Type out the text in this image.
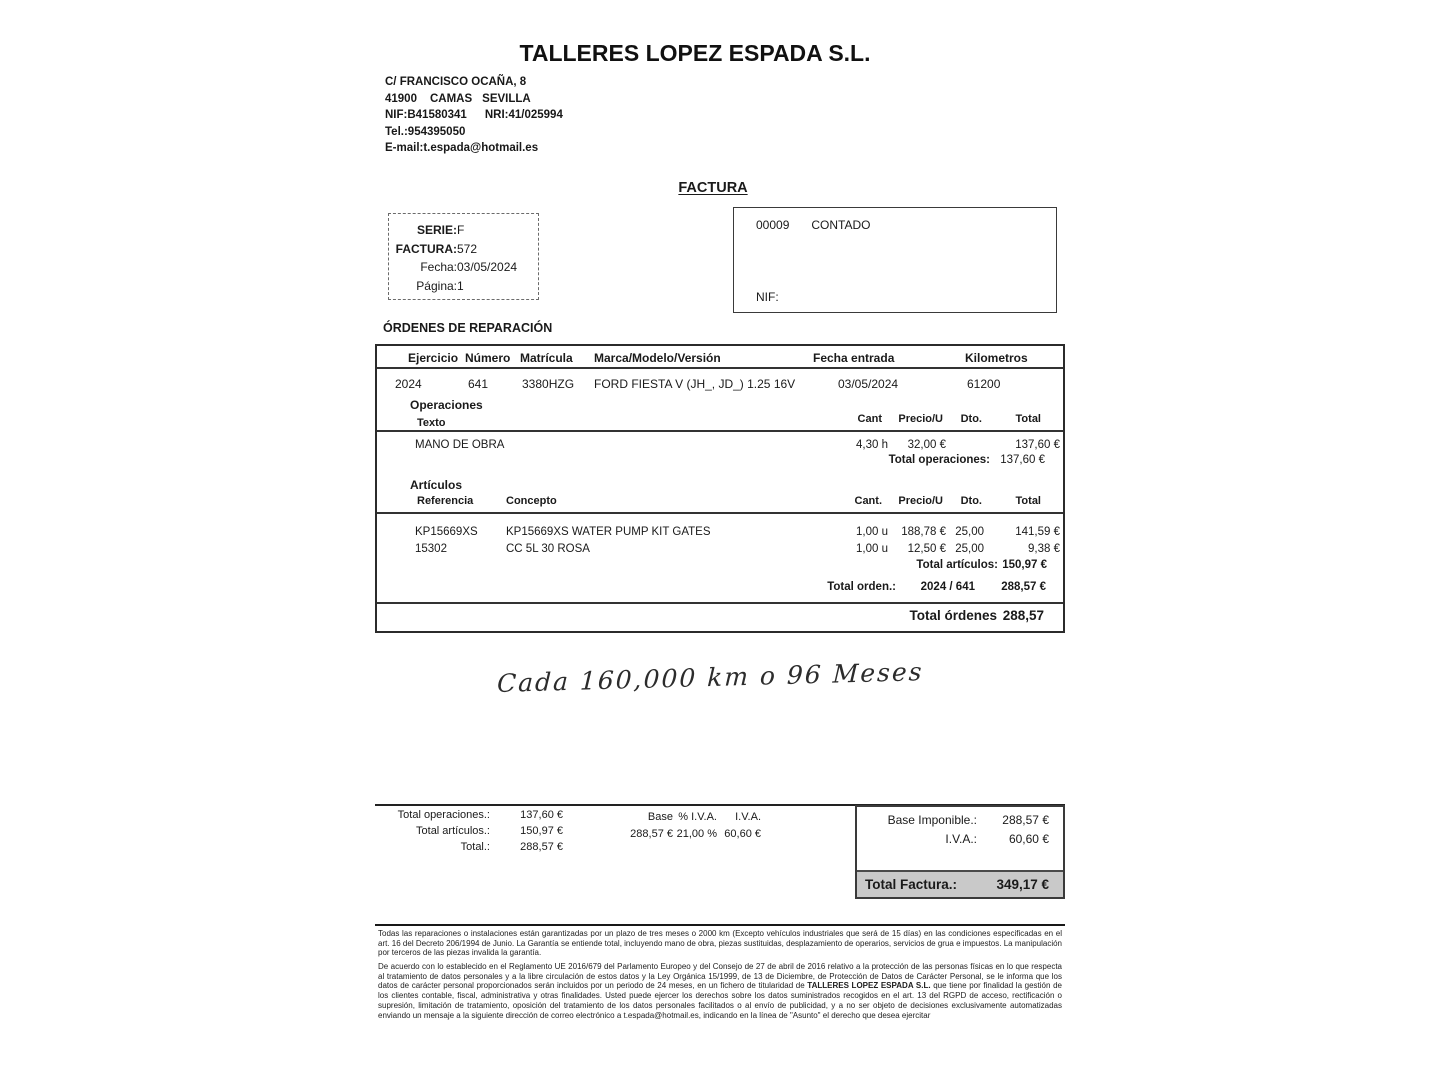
TALLERES LOPEZ ESPADA S.L.
C/ FRANCISCO OCAÑA, 8
41900 CAMAS SEVILLA
NIF:B41580341 NRI:41/025994
Tel.:954395050
E-mail:t.espada@hotmail.es
FACTURA
SERIE: F
FACTURA: 572
Fecha: 03/05/2024
Página: 1
00009 CONTADO
NIF:
ÓRDENES DE REPARACIÓN
Ejercicio Número Matrícula Marca/Modelo/Versión	Fecha entrada	Kilometros
2024	641	3380HZG FORD FIESTA V (JH_, JD_) 1.25 16V	03/05/2024	61200
Operaciones
Texto	Cant	Precio/U	Dto.	Total
MANO DE OBRA	4,30 h	32,00 €	137,60 €
Total operaciones: 137,60 €
Artículos
Referencia	Concepto	Cant.	Precio/U	Dto.	Total
KP15669XS KP15669XS WATER PUMP KIT GATES	1,00 u	188,78 € 25,00	141,59 €
15302	CC 5L 30 ROSA	1,00 u	12,50 € 25,00	9,38 €
Total artículos: 150,97 €
Total orden.:	2024 / 641	288,57 €
Total órdenes 288,57
Cada 160,000 km o 96 Meses
Total operaciones.:	137,60 €
Total artículos.:	150,97 €
Total.:	288,57 €
Base % I.V.A.	I.V.A.
288,57 € 21,00 % 60,60 €
Base Imponible.:	288,57 €
I.V.A.:	60,60 €
Total Factura.:	349,17 €
Todas las reparaciones o instalaciones están garantizadas por un plazo de tres meses o 2000 km (Excepto vehículos industriales que será de 15 días) en las condiciones especificadas en el art. 16 del Decreto 206/1994 de Junio. La Garantía se entiende total, incluyendo mano de obra, piezas sustituidas, desplazamiento de operarios, servicios de grua e impuestos. La manipulación por terceros de las piezas invalida la garantía.
De acuerdo con lo establecido en el Reglamento UE 2016/679 del Parlamento Europeo y del Consejo de 27 de abril de 2016 relativo a la protección de las personas físicas en lo que respecta al tratamiento de datos personales y a la libre circulación de estos datos y la Ley Orgánica 15/1999, de 13 de Diciembre, de Protección de Datos de Carácter Personal, se le informa que los datos de carácter personal proporcionados serán incluidos por un periodo de 24 meses, en un fichero de titularidad de TALLERES LOPEZ ESPADA S.L. que tiene por finalidad la gestión de los clientes contable, fiscal, administrativa y otras finalidades. Usted puede ejercer los derechos sobre los datos suministrados recogidos en el art. 13 del RGPD de acceso, rectificación o supresión, limitación de tratamiento, oposición del tratamiento de los datos personales facilitados o al envío de publicidad, y a no ser objeto de decisiones exclusivamente automatizadas enviando un mensaje a la siguiente dirección de correo electrónico a t.espada@hotmail.es, indicando en la línea de "Asunto" el derecho que desea ejercitar
